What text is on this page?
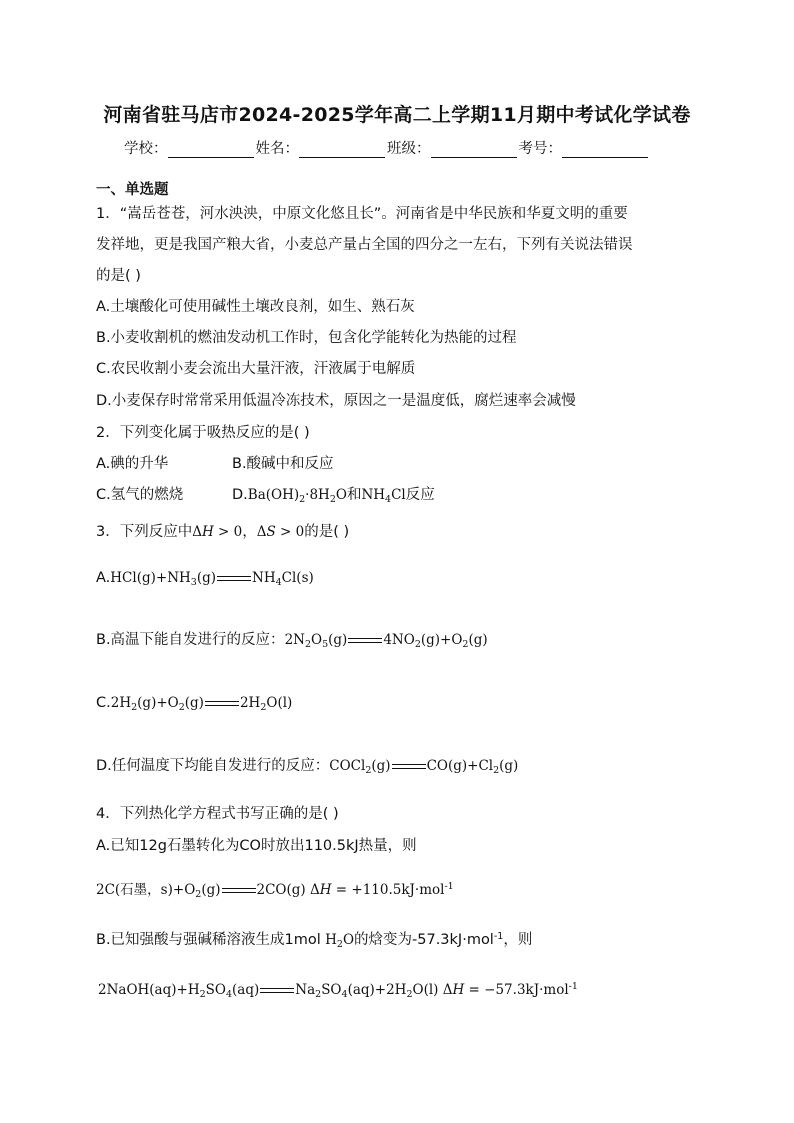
河南省驻马店市2024-2025学年高二上学期11月期中考试化学试卷
学校：	姓名：	班级：	考号：
一、单选题
1．“嵩岳苍苍，河水泱泱，中原文化悠且长”。河南省是中华民族和华夏文明的重要
发祥地，更是我国产粮大省，小麦总产量占全国的四分之一左右，下列有关说法错误
的是( )
A.土壤酸化可使用碱性土壤改良剂，如生、熟石灰
B.小麦收割机的燃油发动机工作时，包含化学能转化为热能的过程
C.农民收割小麦会流出大量汗液，汗液属于电解质
D.小麦保存时常常采用低温冷冻技术，原因之一是温度低，腐烂速率会减慢
2．下列变化属于吸热反应的是( )
A.碘的升华	B.酸碱中和反应
C.氢气的燃烧	$D.Ba(OH)_2\cdot 8H_2O$和$NH_4Cl$反应
3．下列反应中ΔH > 0，ΔS > 0的是( )
$A.HCl(g)+NH_3(g)$	$NH_4Cl(s)$
B.高温下能自发进行的反应：$2N_2O_5(g)$	$4NO_2(g)+O_2(g)$
$C.2H_2(g)+O_2(g)$	$2H_2O(l)$
D.任何温度下均能自发进行的反应：COCl$_2$(g)	$CO(g)+Cl_2(g)$
4．下列热化学方程式书写正确的是( )
A.已知12g石墨转化为CO时放出110.5kJ热量，则
2C(石墨，$s)+O_2(g)$	2CO(g) ΔH = +110.5kJ·mol$^{-1}$
B.已知强酸与强碱稀溶液生成1mol $H_2O$的焓变为-57.3kJ·mol$^{-1}$，则
$2NaOH(aq)+H_2SO_4(aq)$	$Na_2SO_4(aq)+2H_2O(l) \Delta H = -57.3kJ\cdot mol^{-1}$
